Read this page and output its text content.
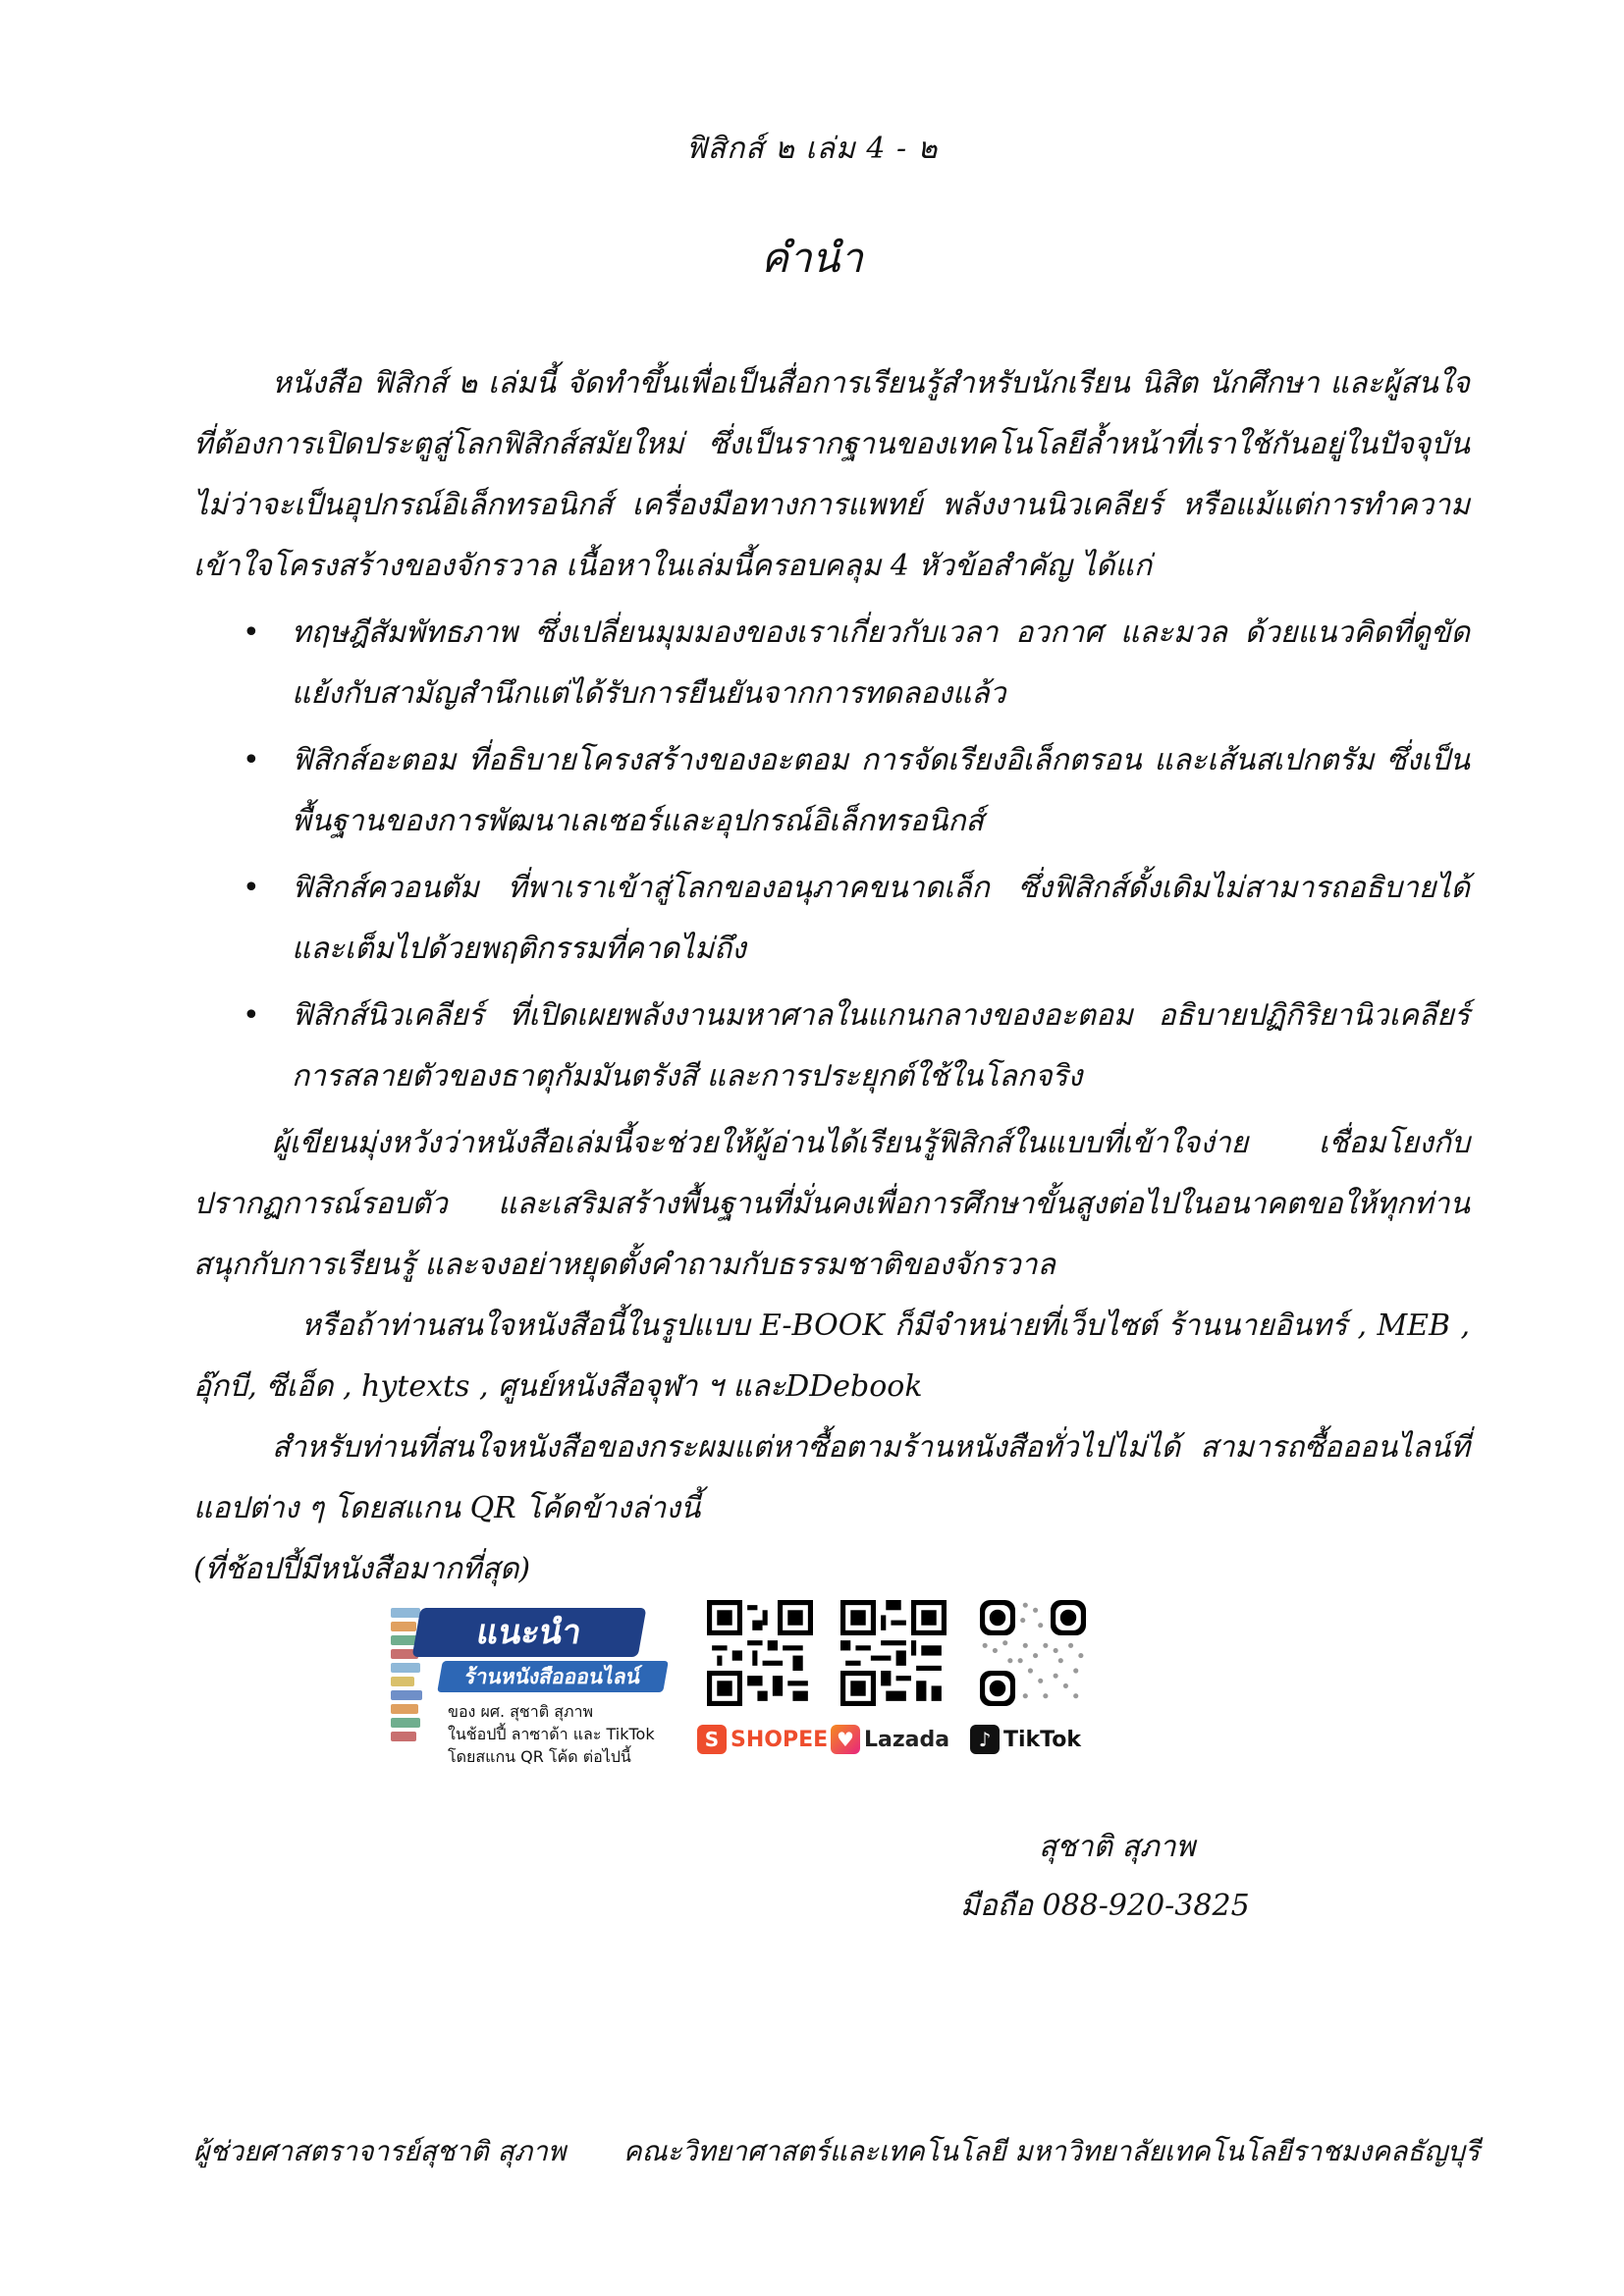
ฟิสิกส์ ๒ เล่ม 4 - ๒
คำนำ

หนังสือ ฟิสิกส์ ๒ เล่มนี้ จัดทำขึ้นเพื่อเป็นสื่อการเรียนรู้สำหรับนักเรียน นิสิต นักศึกษา และผู้สนใจ ที่ต้องการเปิดประตูสู่โลกฟิสิกส์สมัยใหม่ ซึ่งเป็นรากฐานของเทคโนโลยีล้ำหน้าที่เราใช้กันอยู่ในปัจจุบัน ไม่ว่าจะเป็นอุปกรณ์อิเล็กทรอนิกส์ เครื่องมือทางการแพทย์ พลังงานนิวเคลียร์ หรือแม้แต่การทำความเข้าใจโครงสร้างของจักรวาล เนื้อหาในเล่มนี้ครอบคลุม 4 หัวข้อสำคัญ ได้แก่

• ทฤษฎีสัมพัทธภาพ ซึ่งเปลี่ยนมุมมองของเราเกี่ยวกับเวลา อวกาศ และมวล ด้วยแนวคิดที่ดูขัดแย้งกับสามัญสำนึกแต่ได้รับการยืนยันจากการทดลองแล้ว
• ฟิสิกส์อะตอม ที่อธิบายโครงสร้างของอะตอม การจัดเรียงอิเล็กตรอน และเส้นสเปกตรัม ซึ่งเป็นพื้นฐานของการพัฒนาเลเซอร์และอุปกรณ์อิเล็กทรอนิกส์
• ฟิสิกส์ควอนตัม ที่พาเราเข้าสู่โลกของอนุภาคขนาดเล็ก ซึ่งฟิสิกส์ดั้งเดิมไม่สามารถอธิบายได้ และเต็มไปด้วยพฤติกรรมที่คาดไม่ถึง
• ฟิสิกส์นิวเคลียร์ ที่เปิดเผยพลังงานมหาศาลในแกนกลางของอะตอม อธิบายปฏิกิริยานิวเคลียร์ การสลายตัวของธาตุกัมมันตรังสี และการประยุกต์ใช้ในโลกจริง

ผู้เขียนมุ่งหวังว่าหนังสือเล่มนี้จะช่วยให้ผู้อ่านได้เรียนรู้ฟิสิกส์ในแบบที่เข้าใจง่าย เชื่อมโยงกับปรากฏการณ์รอบตัว และเสริมสร้างพื้นฐานที่มั่นคงเพื่อการศึกษาขั้นสูงต่อไปในอนาคตขอให้ทุกท่านสนุกกับการเรียนรู้ และจงอย่าหยุดตั้งคำถามกับธรรมชาติของจักรวาล

หรือถ้าท่านสนใจหนังสือนี้ในรูปแบบ E-BOOK ก็มีจำหน่ายที่เว็บไซต์ ร้านนายอินทร์ , MEB , อุ๊กบี, ซีเอ็ด , hytexts , ศูนย์หนังสือจุฬา ฯ และDDebook

สำหรับท่านที่สนใจหนังสือของกระผมแต่หาซื้อตามร้านหนังสือทั่วไปไม่ได้ สามารถซื้อออนไลน์ที่แอปต่าง ๆ โดยสแกน QR โค้ดข้างล่างนี้

(ที่ช้อปปี้มีหนังสือมากที่สุด)

แนะนำ
ร้านหนังสือออนไลน์
ของ ผศ. สุชาติ สุภาพ
ในช้อปปี้ ลาซาด้า และ TikTok
โดยสแกน QR โค้ด ต่อไปนี้
S SHOPEE ♥ Lazada	♪ TikTok
สุชาติ สุภาพ
มือถือ 088-920-3825
ผู้ช่วยศาสตราจารย์สุชาติ สุภาพ คณะวิทยาศาสตร์และเทคโนโลยี มหาวิทยาลัยเทคโนโลยีราชมงคลธัญบุรี
